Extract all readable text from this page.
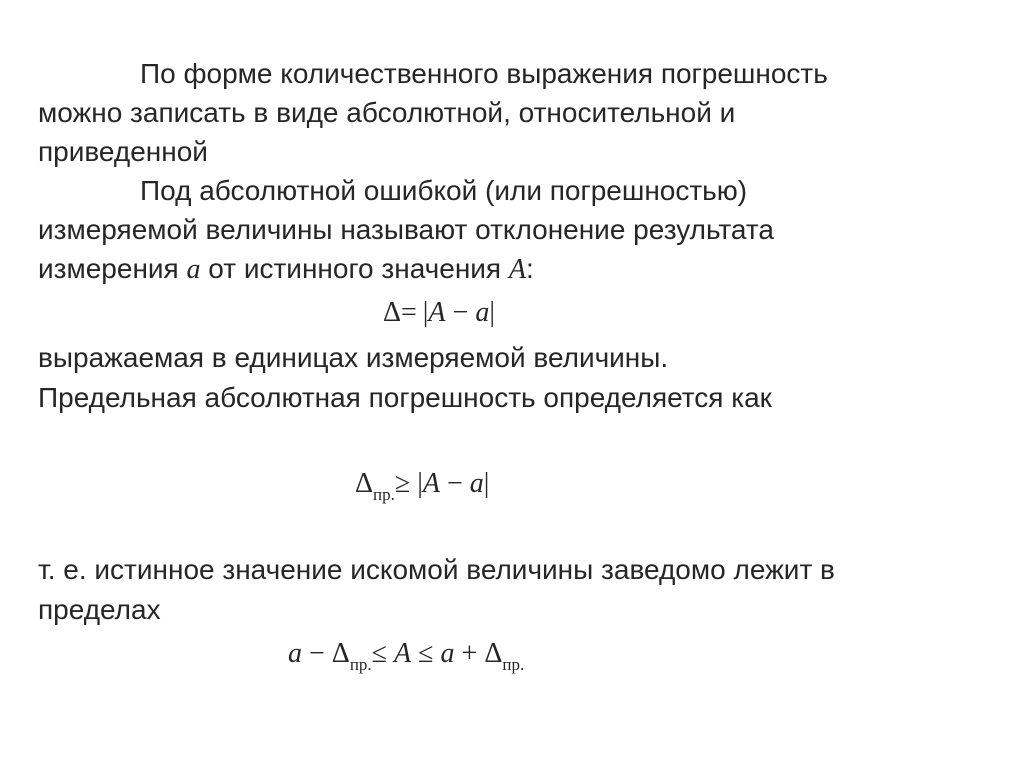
По форме количественного выражения погрешность
можно записать в виде абсолютной, относительной и
приведенной
Под абсолютной ошибкой (или погрешностью)
измеряемой величины называют отклонение результата
измерения a от истинного значения A:
Δ= |A − a|
выражаемая в единицах измеряемой величины.
Предельная абсолютная погрешность определяется как
$\Delta_{пр.}\ge |A - a|$
т. е. истинное значение искомой величины заведомо лежит в
пределах
$a - \Delta_{пр.}\le A \le a + \Delta_{пр.}$
